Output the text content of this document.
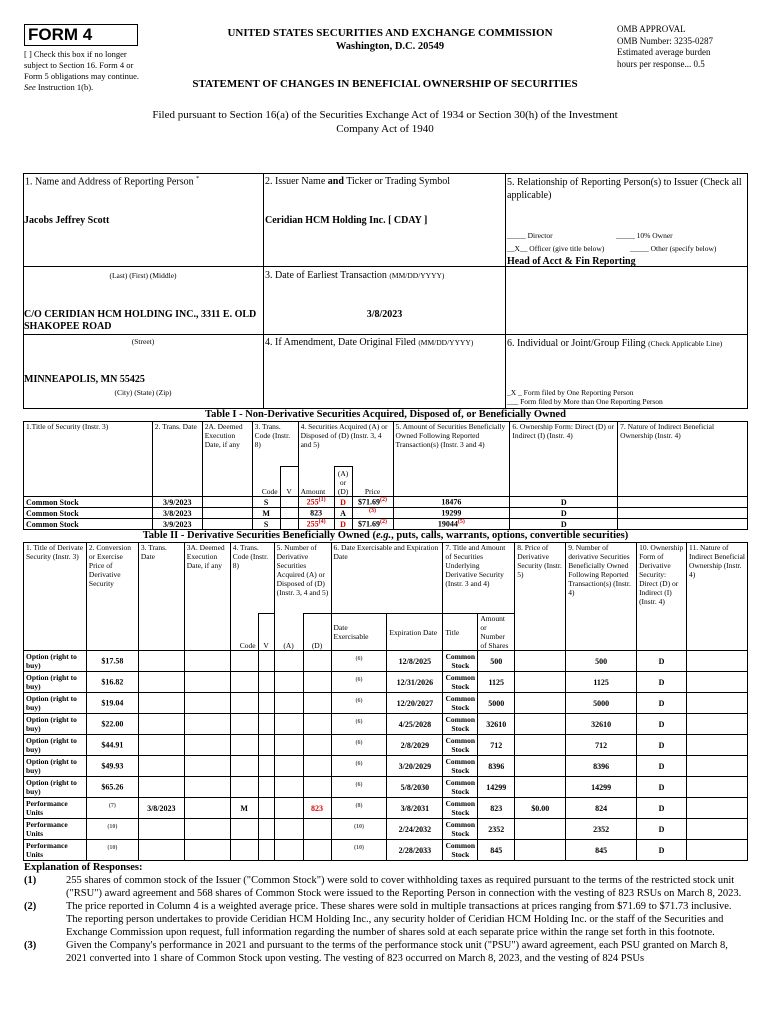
FORM 4
[ ] Check this box if no longer subject to Section 16. Form 4 or Form 5 obligations may continue. See Instruction 1(b).
UNITED STATES SECURITIES AND EXCHANGE COMMISSION
Washington, D.C. 20549
STATEMENT OF CHANGES IN BENEFICIAL OWNERSHIP OF SECURITIES
OMB APPROVAL
OMB Number: 3235-0287
Estimated average burden
hours per response... 0.5
Filed pursuant to Section 16(a) of the Securities Exchange Act of 1934 or Section 30(h) of the Investment Company Act of 1940
1. Name and Address of Reporting Person *
Jacobs Jeffrey Scott
(Last) (First) (Middle)
C/O CERIDIAN HCM HOLDING INC., 3311 E. OLD SHAKOPEE ROAD
(Street)
MINNEAPOLIS, MN 55425
(City) (State) (Zip)
2. Issuer Name and Ticker or Trading Symbol
Ceridian HCM Holding Inc. [ CDAY ]
3. Date of Earliest Transaction (MM/DD/YYYY)
3/8/2023
4. If Amendment, Date Original Filed (MM/DD/YYYY)
5. Relationship of Reporting Person(s) to Issuer (Check all applicable)
_____ Director	_____ 10% Owner
__X__ Officer (give title below)	_____ Other (specify below)
Head of Acct & Fin Reporting
6. Individual or Joint/Group Filing (Check Applicable Line)
_X _ Form filed by One Reporting Person
___ Form filed by More than One Reporting Person
Table I - Non-Derivative Securities Acquired, Disposed of, or Beneficially Owned
1.Title of Security (Instr. 3)	2. Trans. Date	2A. Deemed Execution Date, if any	3. Trans. Code (Instr. 8)		4. Securities Acquired (A) or Disposed of (D) (Instr. 3, 4 and 5)			5. Amount of Securities Beneficially Owned Following Reported Transaction(s) (Instr. 3 and 4)	6. Ownership Form: Direct (D) or Indirect (I) (Instr. 4)	7. Nature of Indirect Beneficial Ownership (Instr. 4)
			Code	V	Amount	(A) or (D)	Price			
Common Stock	3/9/2023		S		255$^{(1)}$	D	$71.69$^{(2)}$	18476	D	
Common Stock	3/8/2023		M		823	A	$^{(3)}$	19299	D	
Common Stock	3/9/2023		S		255$^{(4)}$	D	$71.69$^{(2)}$	19044$^{(5)}$	D	
Table II - Derivative Securities Beneficially Owned (e.g., puts, calls, warrants, options, convertible securities)
1. Title of Derivate Security (Instr. 3)	2. Conversion or Exercise Price of Derivative Security	3. Trans. Date	3A. Deemed Execution Date, if any	4. Trans. Code (Instr. 8)		5. Number of Derivative Securities Acquired (A) or Disposed of (D) (Instr. 3, 4 and 5)		6. Date Exercisable and Expiration Date		7. Title and Amount of Securities Underlying Derivative Security (Instr. 3 and 4)		8. Price of Derivative Security (Instr. 5)	9. Number of derivative Securities Beneficially Owned Following Reported Transaction(s) (Instr. 4)	10. Ownership Form of Derivative Security: Direct (D) or Indirect (I) (Instr. 4)	11. Nature of Indirect Beneficial Ownership (Instr. 4)
				Code	V	(A)	(D)	Date Exercisable	Expiration Date	Title	Amount or Number of Shares				
Option (right to buy)	$17.58							$^{(6)}$	12/8/2025	Common Stock	500		500	D	
Option (right to buy)	$16.82							$^{(6)}$	12/31/2026	Common Stock	1125		1125	D	
Option (right to buy)	$19.04							$^{(6)}$	12/20/2027	Common Stock	5000		5000	D	
Option (right to buy)	$22.00							$^{(6)}$	4/25/2028	Common Stock	32610		32610	D	
Option (right to buy)	$44.91							$^{(6)}$	2/8/2029	Common Stock	712		712	D	
Option (right to buy)	$49.93							$^{(6)}$	3/20/2029	Common Stock	8396		8396	D	
Option (right to buy)	$65.26							$^{(6)}$	5/8/2030	Common Stock	14299		14299	D	
Performance Units	$^{(7)}$	3/8/2023		M			823	$^{(8)}$	3/8/2031	Common Stock	823	$0.00	824	D	
Performance Units	$^{(10)}$							$^{(10)}$	2/24/2032	Common Stock	2352		2352	D	
Performance Units	$^{(10)}$							$^{(10)}$	2/28/2033	Common Stock	845		845	D	
Explanation of Responses:
(1)	255 shares of common stock of the Issuer ("Common Stock") were sold to cover withholding taxes as required pursuant to the terms of the restricted stock unit ("RSU") award agreement and 568 shares of Common Stock were issued to the Reporting Person in connection with the vesting of 823 RSUs on March 8, 2023.
(2)	The price reported in Column 4 is a weighted average price. These shares were sold in multiple transactions at prices ranging from $71.69 to $71.73 inclusive. The reporting person undertakes to provide Ceridian HCM Holding Inc., any security holder of Ceridian HCM Holding Inc. or the staff of the Securities and Exchange Commission upon request, full information regarding the number of shares sold at each separate price within the range set forth in this footnote.
(3)	Given the Company's performance in 2021 and pursuant to the terms of the performance stock unit ("PSU") award agreement, each PSU granted on March 8, 2021 converted into 1 share of Common Stock upon vesting. The vesting of 823 occurred on March 8, 2023, and the vesting of 824 PSUs
